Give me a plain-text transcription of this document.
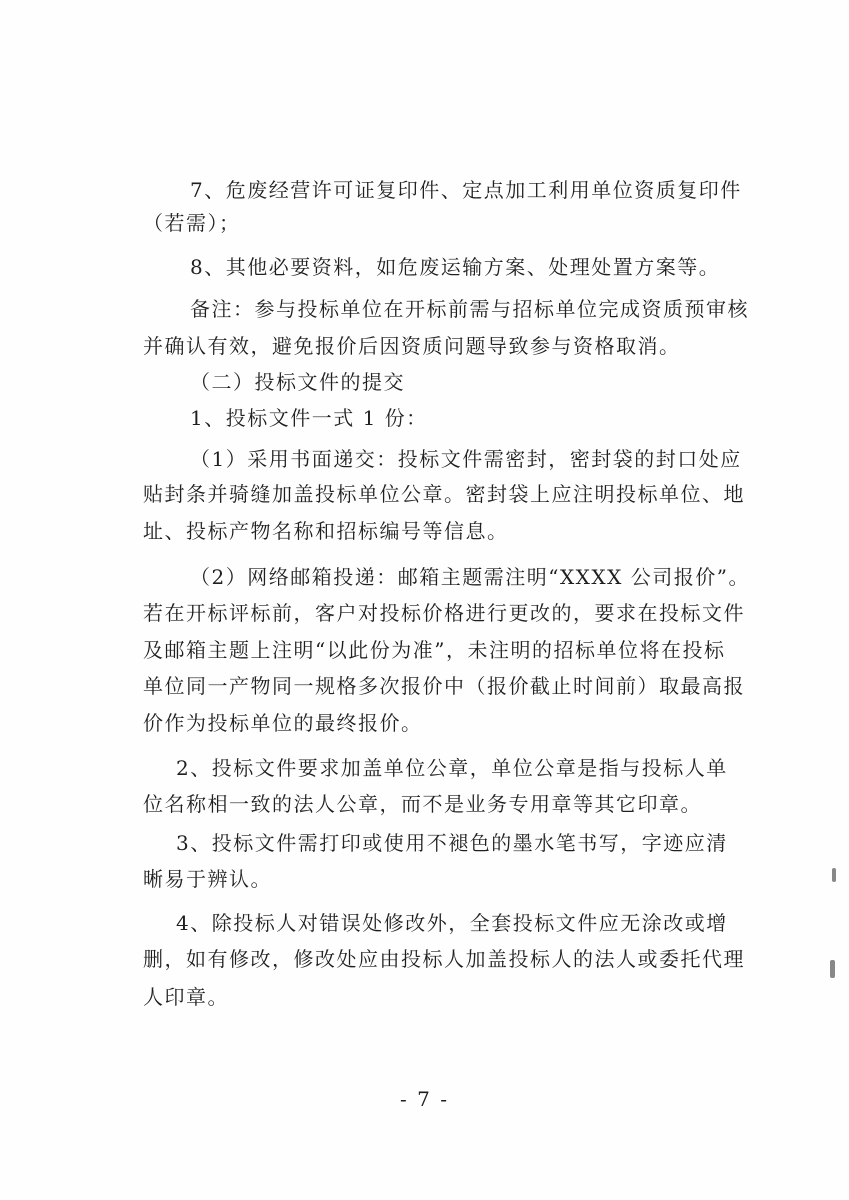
7、危废经营许可证复印件、定点加工利用单位资质复印件
（若需）；
8、其他必要资料，如危废运输方案、处理处置方案等。
备注：参与投标单位在开标前需与招标单位完成资质预审核
并确认有效，避免报价后因资质问题导致参与资格取消。
（二）投标文件的提交
1、投标文件一式 1 份：
（1）采用书面递交：投标文件需密封，密封袋的封口处应
贴封条并骑缝加盖投标单位公章。密封袋上应注明投标单位、地
址、投标产物名称和招标编号等信息。
（2）网络邮箱投递：邮箱主题需注明“XXXX 公司报价”。
若在开标评标前，客户对投标价格进行更改的，要求在投标文件
及邮箱主题上注明“以此份为准”，未注明的招标单位将在投标
单位同一产物同一规格多次报价中（报价截止时间前）取最高报
价作为投标单位的最终报价。
2、投标文件要求加盖单位公章，单位公章是指与投标人单
位名称相一致的法人公章，而不是业务专用章等其它印章。
3、投标文件需打印或使用不褪色的墨水笔书写，字迹应清
晰易于辨认。
4、除投标人对错误处修改外，全套投标文件应无涂改或增
删，如有修改，修改处应由投标人加盖投标人的法人或委托代理
人印章。
- 7 -
